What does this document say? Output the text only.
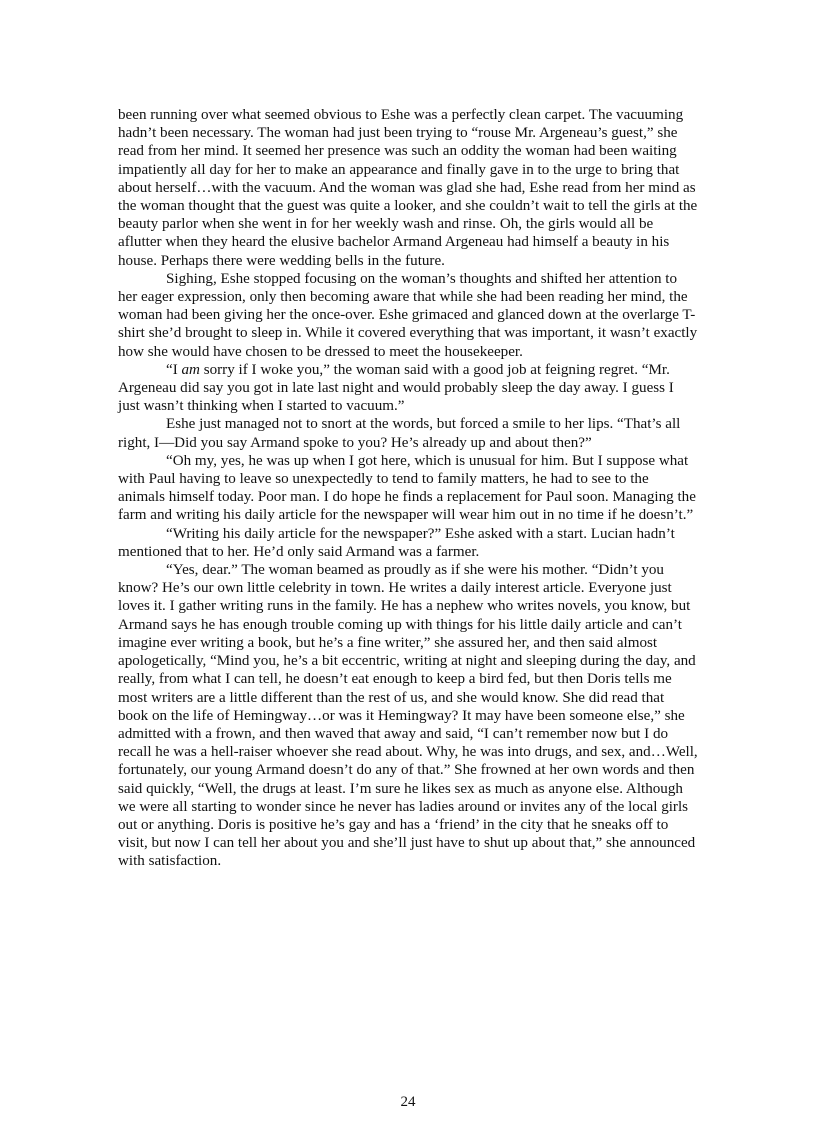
been running over what seemed obvious to Eshe was a perfectly clean carpet. The vacuuming hadn’t been necessary. The woman had just been trying to “rouse Mr. Argeneau’s guest,” she read from her mind. It seemed her presence was such an oddity the woman had been waiting impatiently all day for her to make an appearance and finally gave in to the urge to bring that about herself…with the vacuum. And the woman was glad she had, Eshe read from her mind as the woman thought that the guest was quite a looker, and she couldn’t wait to tell the girls at the beauty parlor when she went in for her weekly wash and rinse. Oh, the girls would all be aflutter when they heard the elusive bachelor Armand Argeneau had himself a beauty in his house. Perhaps there were wedding bells in the future.

Sighing, Eshe stopped focusing on the woman’s thoughts and shifted her attention to her eager expression, only then becoming aware that while she had been reading her mind, the woman had been giving her the once-over. Eshe grimaced and glanced down at the overlarge T-shirt she’d brought to sleep in. While it covered everything that was important, it wasn’t exactly how she would have chosen to be dressed to meet the housekeeper.

“I am sorry if I woke you,” the woman said with a good job at feigning regret. “Mr. Argeneau did say you got in late last night and would probably sleep the day away. I guess I just wasn’t thinking when I started to vacuum.”

Eshe just managed not to snort at the words, but forced a smile to her lips. “That’s all right, I—Did you say Armand spoke to you? He’s already up and about then?”

“Oh my, yes, he was up when I got here, which is unusual for him. But I suppose what with Paul having to leave so unexpectedly to tend to family matters, he had to see to the animals himself today. Poor man. I do hope he finds a replacement for Paul soon. Managing the farm and writing his daily article for the newspaper will wear him out in no time if he doesn’t.”

“Writing his daily article for the newspaper?” Eshe asked with a start. Lucian hadn’t mentioned that to her. He’d only said Armand was a farmer.

“Yes, dear.” The woman beamed as proudly as if she were his mother. “Didn’t you know? He’s our own little celebrity in town. He writes a daily interest article. Everyone just loves it. I gather writing runs in the family. He has a nephew who writes novels, you know, but Armand says he has enough trouble coming up with things for his little daily article and can’t imagine ever writing a book, but he’s a fine writer,” she assured her, and then said almost apologetically, “Mind you, he’s a bit eccentric, writing at night and sleeping during the day, and really, from what I can tell, he doesn’t eat enough to keep a bird fed, but then Doris tells me most writers are a little different than the rest of us, and she would know. She did read that book on the life of Hemingway…or was it Hemingway? It may have been someone else,” she admitted with a frown, and then waved that away and said, “I can’t remember now but I do recall he was a hell-raiser whoever she read about. Why, he was into drugs, and sex, and…Well, fortunately, our young Armand doesn’t do any of that.” She frowned at her own words and then said quickly, “Well, the drugs at least. I’m sure he likes sex as much as anyone else. Although we were all starting to wonder since he never has ladies around or invites any of the local girls out or anything. Doris is positive he’s gay and has a ‘friend’ in the city that he sneaks off to visit, but now I can tell her about you and she’ll just have to shut up about that,” she announced with satisfaction.

24
